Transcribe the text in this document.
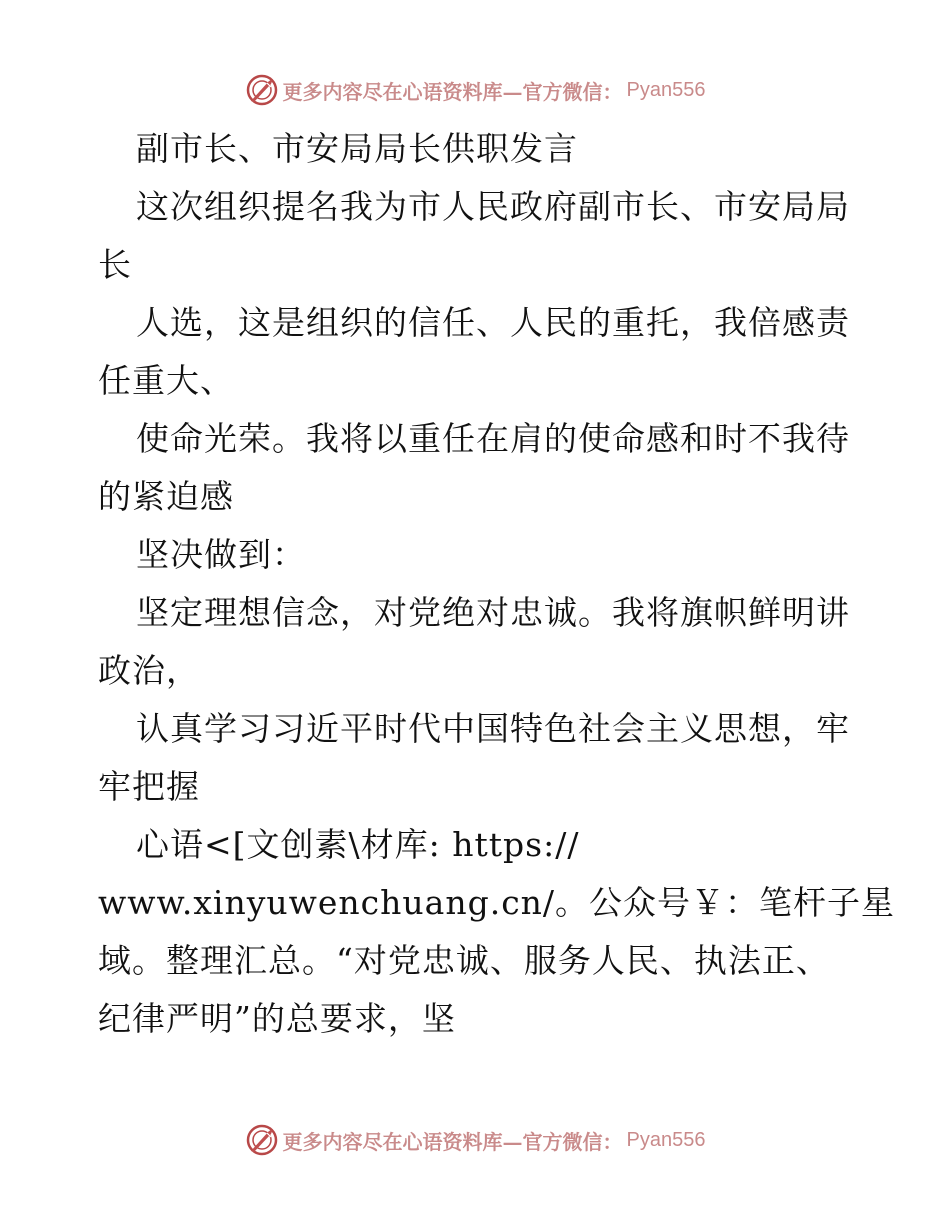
更多内容尽在心语资料库—官方微信： Pyan556
副市长、市安局局长供职发言
这次组织提名我为市人民政府副市长、市安局局
长
人选，这是组织的信任、人民的重托，我倍感责
任重大、
使命光荣。我将以重任在肩的使命感和时不我待
的紧迫感
坚决做到：
坚定理想信念，对党绝对忠诚。我将旗帜鲜明讲
政治，
认真学习习近平时代中国特色社会主义思想，牢
牢把握
心语<[文创素\材库: https://
www.xinyuwenchuang.cn/。公众号￥：笔杆子星
域。整理汇总。“对党忠诚、服务人民、执法正、
纪律严明”的总要求，坚
更多内容尽在心语资料库—官方微信： Pyan556
